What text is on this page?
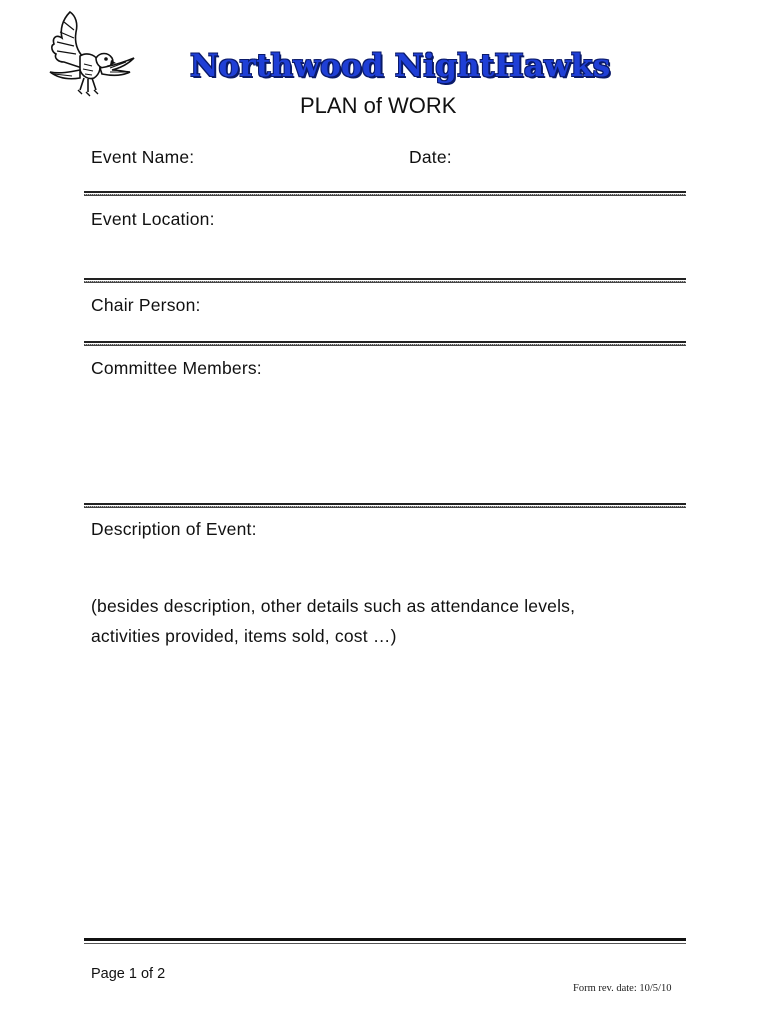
Northwood NightHawks
PLAN of WORK
Event Name:	Date:
Event Location:
Chair Person:
Committee Members:
Description of Event:
(besides description, other details such as attendance levels,
activities provided, items sold, cost …)
Page 1 of 2
Form rev. date: 10/5/10
